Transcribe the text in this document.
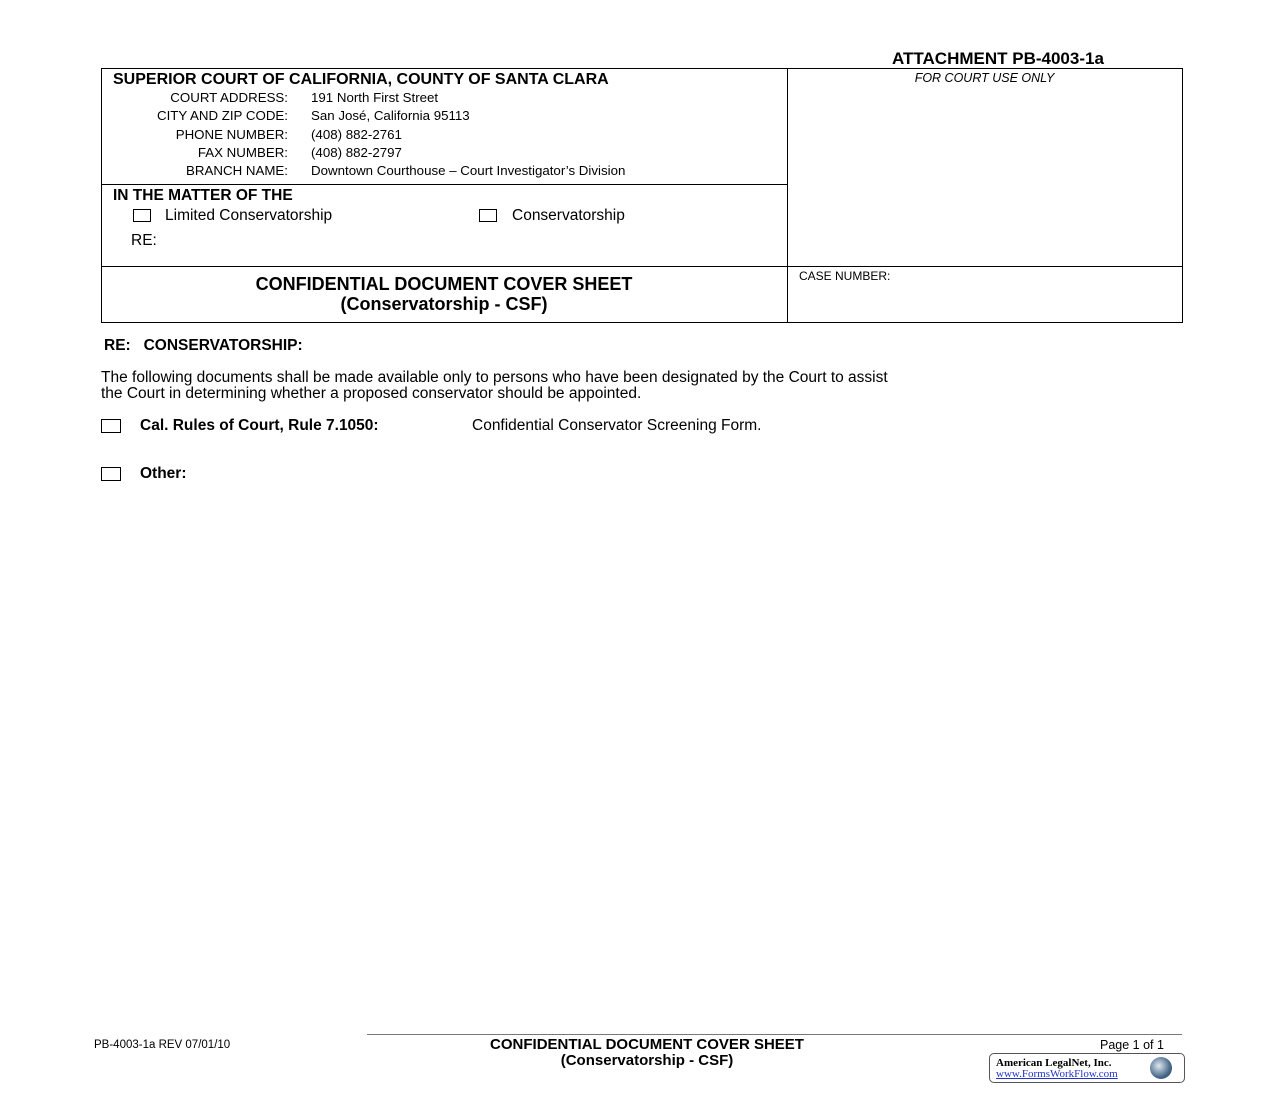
ATTACHMENT PB-4003-1a
SUPERIOR COURT OF CALIFORNIA, COUNTY OF SANTA CLARA
COURT ADDRESS: 191 North First Street
CITY AND ZIP CODE: San José, California 95113
PHONE NUMBER: (408) 882-2761
FAX NUMBER: (408) 882-2797
BRANCH NAME: Downtown Courthouse – Court Investigator’s Division
FOR COURT USE ONLY
IN THE MATTER OF THE
Limited Conservatorship	Conservatorship
RE:
CONFIDENTIAL DOCUMENT COVER SHEET
(Conservatorship - CSF)
CASE NUMBER:
RE:   CONSERVATORSHIP:
The following documents shall be made available only to persons who have been designated by the Court to assist
the Court in determining whether a proposed conservator should be appointed.
Cal. Rules of Court, Rule 7.1050:	Confidential Conservator Screening Form.
Other:
PB-4003-1a REV 07/01/10	CONFIDENTIAL DOCUMENT COVER SHEET
(Conservatorship - CSF)
Page 1 of 1
American LegalNet, Inc.
www.FormsWorkFlow.com
